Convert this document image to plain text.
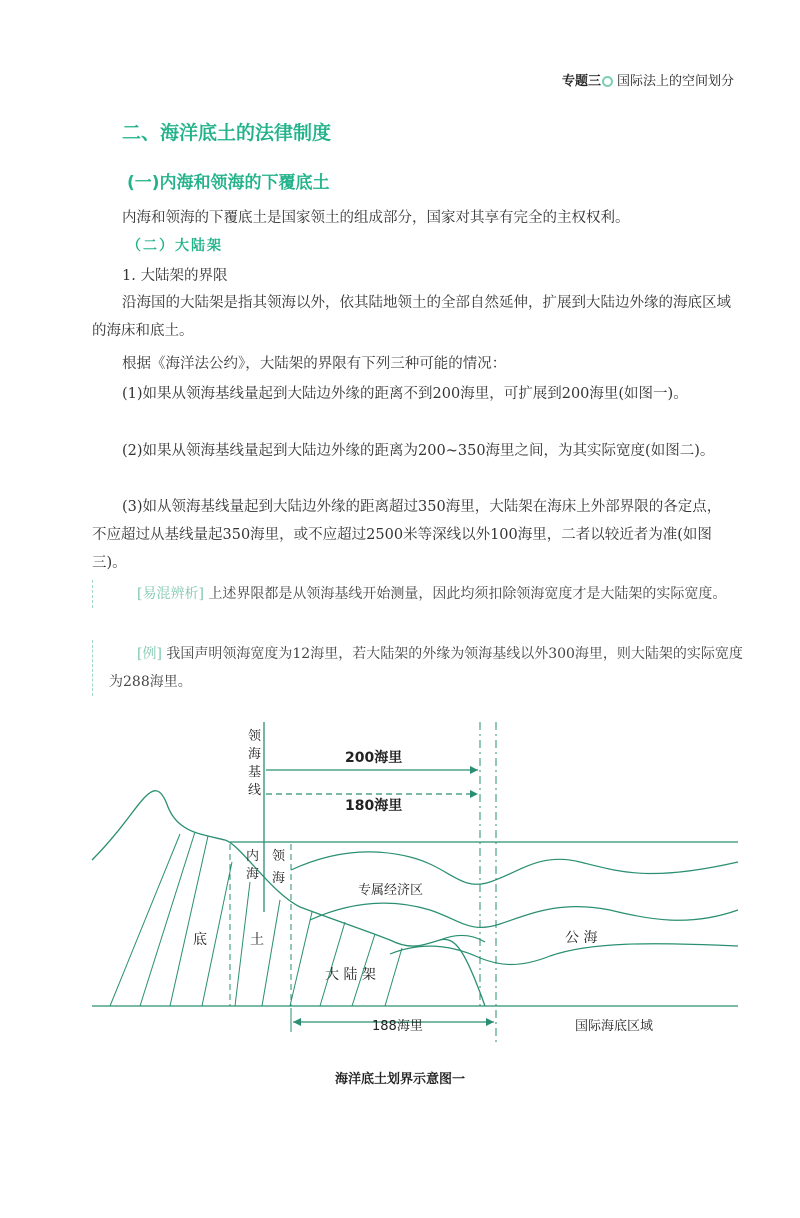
专题三 国际法上的空间划分
二、海洋底土的法律制度
(一)内海和领海的下覆底土
内海和领海的下覆底土是国家领土的组成部分，国家对其享有完全的主权权利。
（二）大陆架
1. 大陆架的界限
沿海国的大陆架是指其领海以外，依其陆地领土的全部自然延伸，扩展到大陆边外缘的海底区域的海床和底土。
根据《海洋法公约》，大陆架的界限有下列三种可能的情况：
(1)如果从领海基线量起到大陆边外缘的距离不到200海里，可扩展到200海里(如图一)。
(2)如果从领海基线量起到大陆边外缘的距离为200~350海里之间，为其实际宽度(如图二)。
(3)如从领海基线量起到大陆边外缘的距离超过350海里，大陆架在海床上外部界限的各定点，不应超过从基线量起350海里，或不应超过2500米等深线以外100海里，二者以较近者为准(如图三)。
[易混辨析] 上述界限都是从领海基线开始测量，因此均须扣除领海宽度才是大陆架的实际宽度。
[例] 我国声明领海宽度为12海里，若大陆架的外缘为领海基线以外300海里，则大陆架的实际宽度为288海里。
领
海
基
线
200海里
180海里
内
海
领
海
专属经济区
底	土
大 陆 架
公 海
188海里	国际海底区域
海洋底土划界示意图一
